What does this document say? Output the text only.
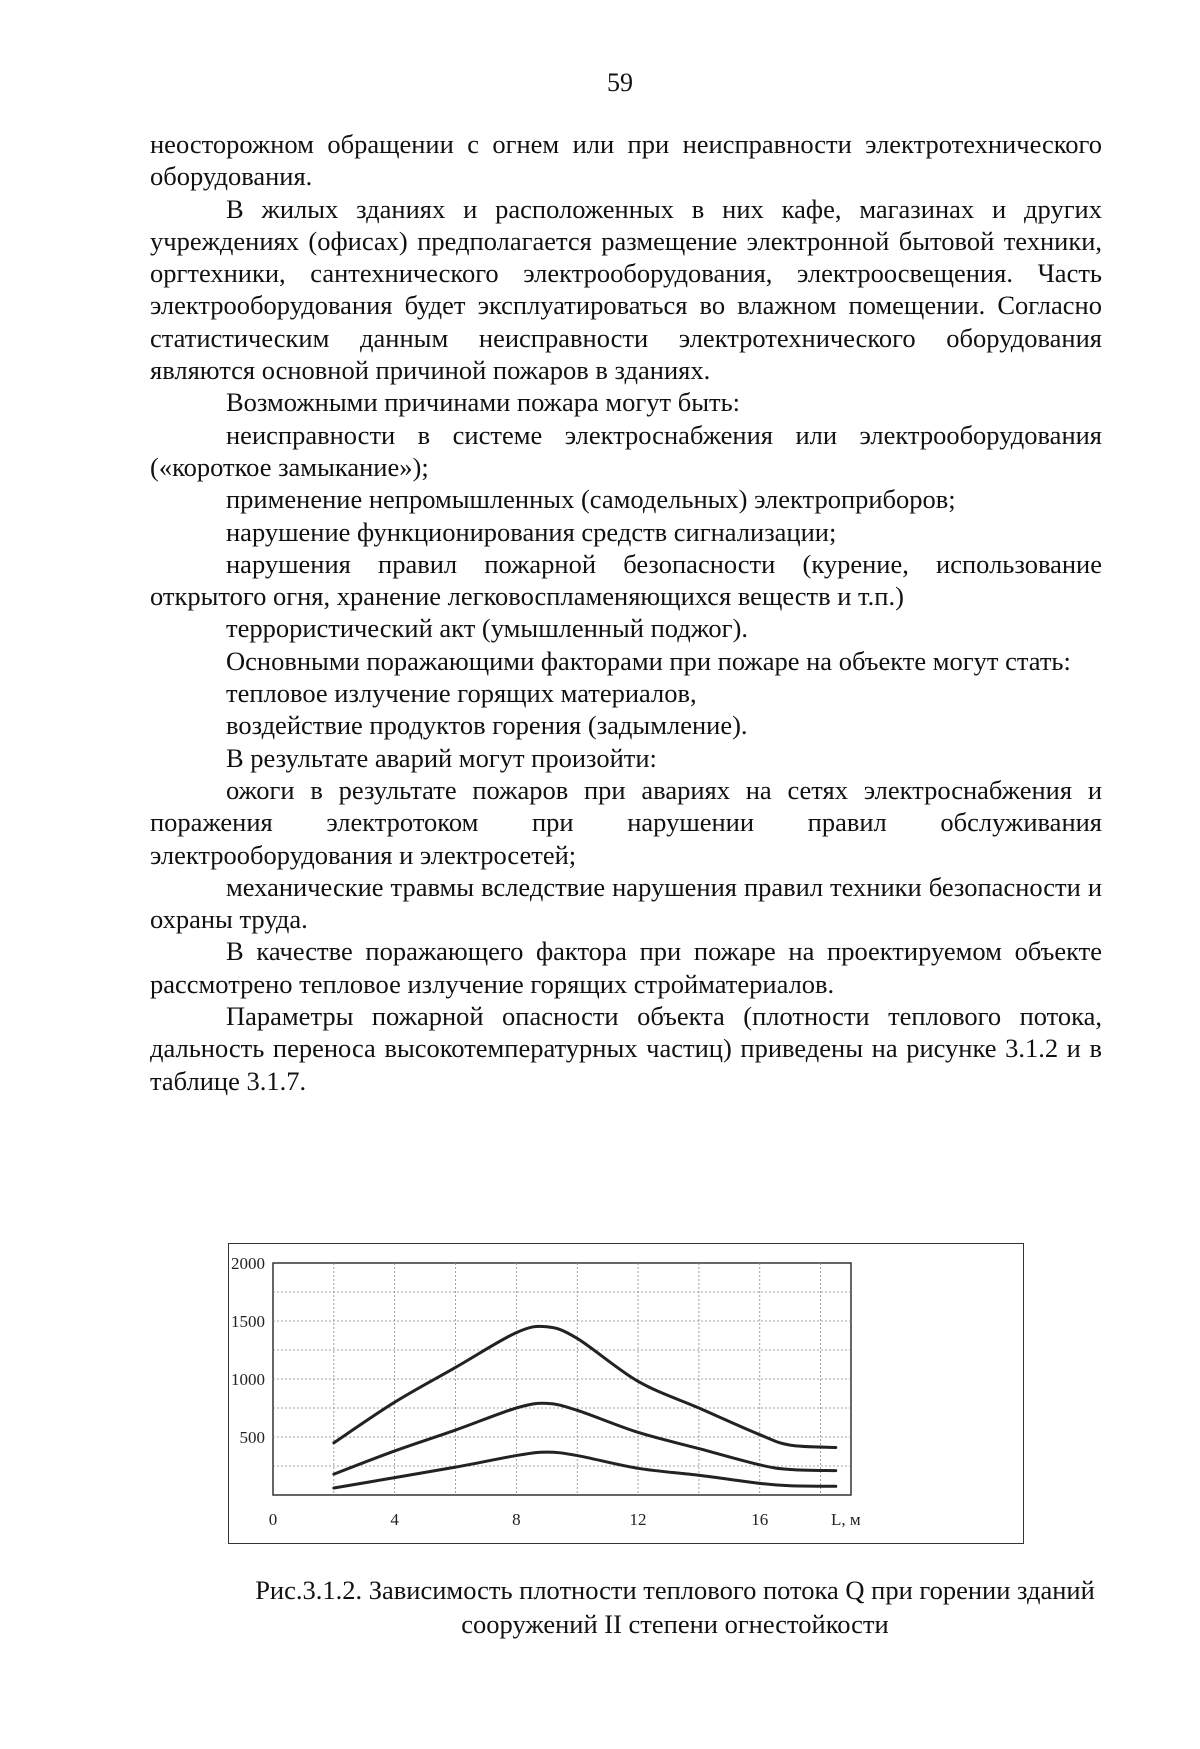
59

неосторожном обращении с огнем или при неисправности электротехнического оборудования.

В жилых зданиях и расположенных в них кафе, магазинах и других учреждениях (офисах) предполагается размещение электронной бытовой техники, оргтехники, сантехнического электрооборудования, электроосвещения. Часть электрооборудования будет эксплуатироваться во влажном помещении. Согласно статистическим данным неисправности электротехнического оборудования являются основной причиной пожаров в зданиях.

Возможными причинами пожара могут быть:

неисправности в системе электроснабжения или электрооборудования («короткое замыкание»);

применение непромышленных (самодельных) электроприборов;

нарушение функционирования средств сигнализации;

нарушения правил пожарной безопасности (курение, использование открытого огня, хранение легковоспламеняющихся веществ и т.п.)

террористический акт (умышленный поджог).

Основными поражающими факторами при пожаре на объекте могут стать:

тепловое излучение горящих материалов,

воздействие продуктов горения (задымление).

В результате аварий могут произойти:

ожоги в результате пожаров при авариях на сетях электроснабжения и поражения электротоком при нарушении правил обслуживания электрооборудования и электросетей;

механические травмы вследствие нарушения правил техники безопасности и охраны труда.

В качестве поражающего фактора при пожаре на проектируемом объекте рассмотрено тепловое излучение горящих стройматериалов.

Параметры пожарной опасности объекта (плотности теплового потока, дальность переноса высокотемпературных частиц) приведены на рисунке 3.1.2 и в таблице 3.1.7.

2000
1500
1000
500
0	4	8	12	16	L, м
Рис.3.1.2. Зависимость плотности теплового потока Q при горении зданий
сооружений II степени огнестойкости
